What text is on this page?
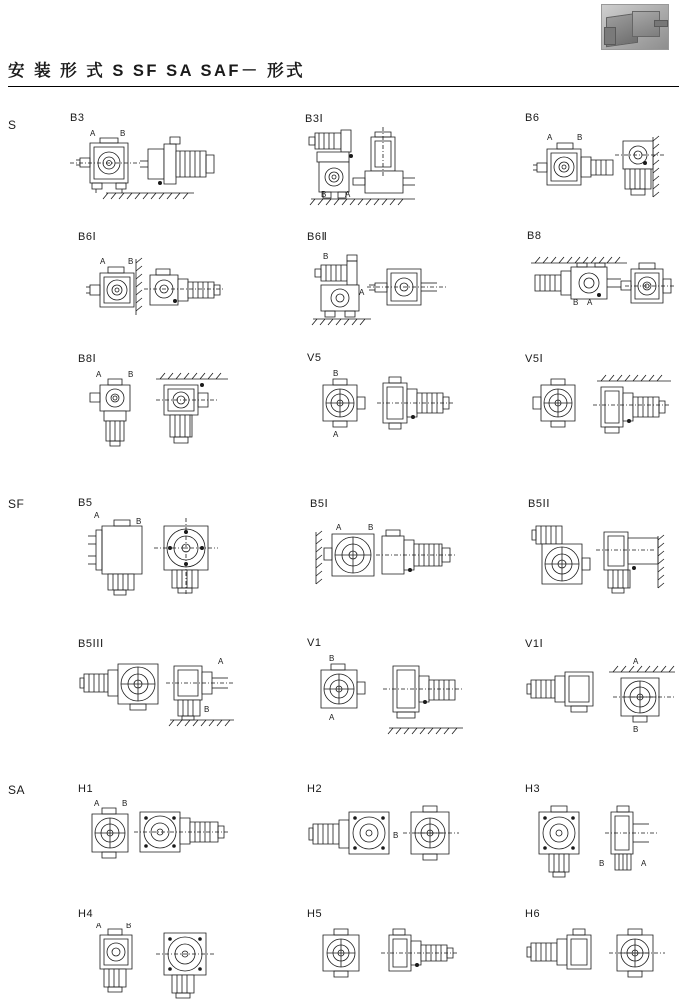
安 装 形 式 S SF SA SAF－ 形式
S
SF
SA
B3
A	B
B3Ⅰ
B A
B6
A	B
B6Ⅰ
A	B
B6Ⅱ
B
A
B8
A
B
B8Ⅰ
A	B
V5
B
A
V5Ⅰ
B5
A
B
B5Ⅰ
A	B
B5ⅠⅠ
B5ⅠⅠⅠ
A
B
V1
B
A
V1Ⅰ
A
B
H1
A	B
H2
B
H3
B	A
H4
A	B
H5	H6
